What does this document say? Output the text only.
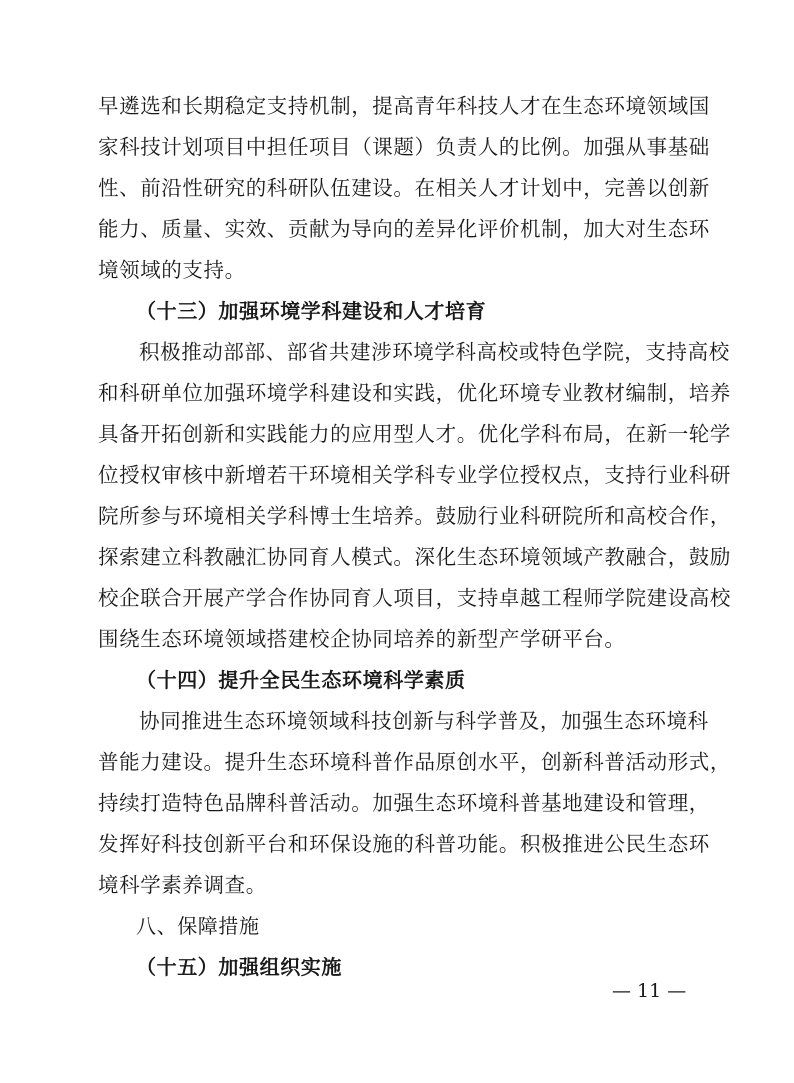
早遴选和长期稳定支持机制，提高青年科技人才在生态环境领域国
家科技计划项目中担任项目（课题）负责人的比例。加强从事基础
性、前沿性研究的科研队伍建设。在相关人才计划中，完善以创新
能力、质量、实效、贡献为导向的差异化评价机制，加大对生态环
境领域的支持。

（十三）加强环境学科建设和人才培育

积极推动部部、部省共建涉环境学科高校或特色学院，支持高校
和科研单位加强环境学科建设和实践，优化环境专业教材编制，培养
具备开拓创新和实践能力的应用型人才。优化学科布局，在新一轮学
位授权审核中新增若干环境相关学科专业学位授权点，支持行业科研
院所参与环境相关学科博士生培养。鼓励行业科研院所和高校合作，
探索建立科教融汇协同育人模式。深化生态环境领域产教融合，鼓励
校企联合开展产学合作协同育人项目，支持卓越工程师学院建设高校
围绕生态环境领域搭建校企协同培养的新型产学研平台。

（十四）提升全民生态环境科学素质

协同推进生态环境领域科技创新与科学普及，加强生态环境科
普能力建设。提升生态环境科普作品原创水平，创新科普活动形式，
持续打造特色品牌科普活动。加强生态环境科普基地建设和管理，
发挥好科技创新平台和环保设施的科普功能。积极推进公民生态环
境科学素养调查。

八、保障措施

（十五）加强组织实施

— 11 —
